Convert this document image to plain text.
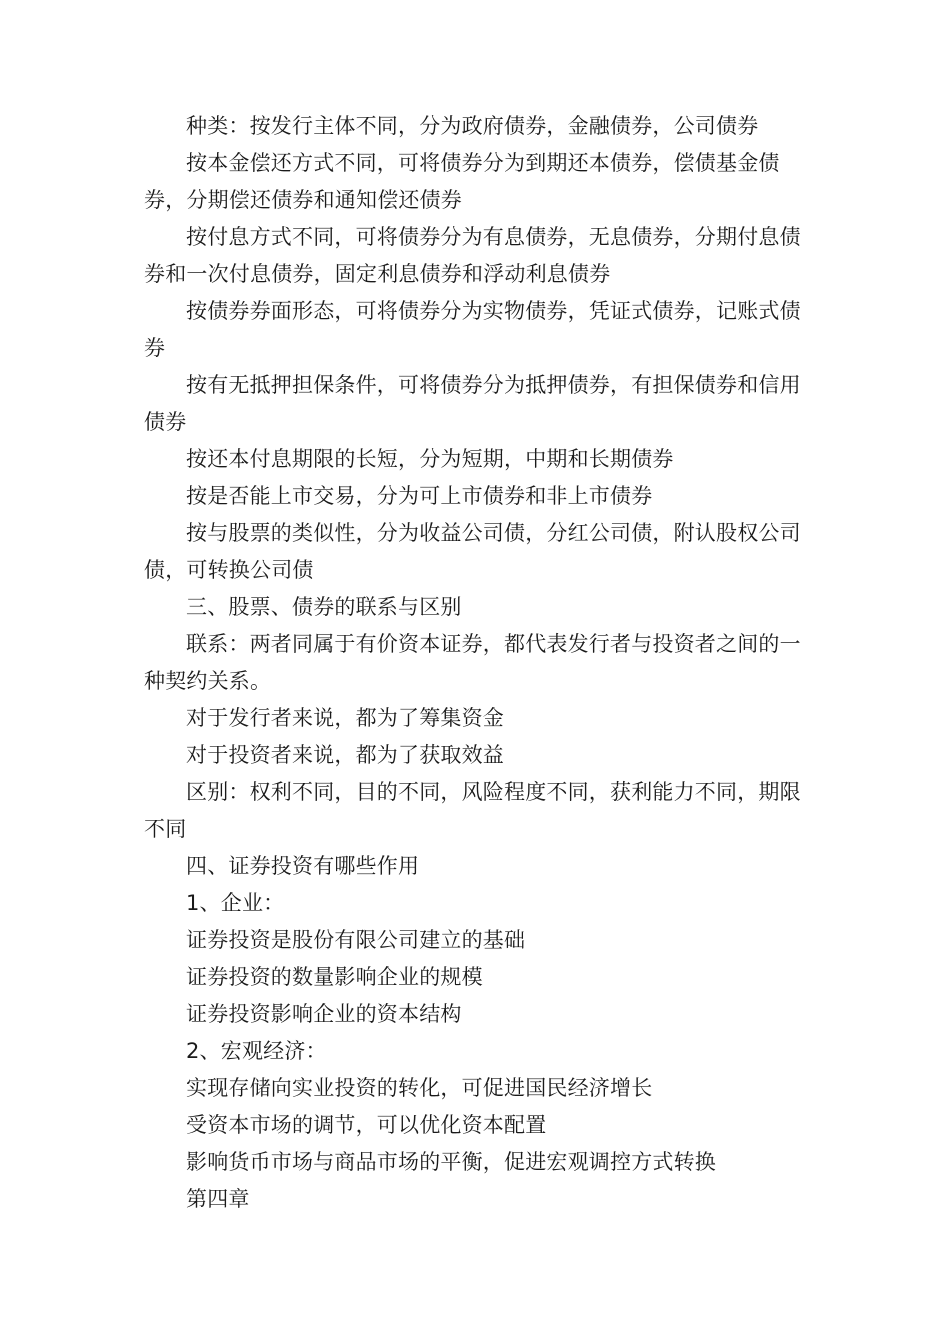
种类：按发行主体不同，分为政府债券，金融债券，公司债券

按本金偿还方式不同，可将债券分为到期还本债券，偿债基金债券，分期偿还债券和通知偿还债券

按付息方式不同，可将债券分为有息债券，无息债券，分期付息债券和一次付息债券，固定利息债券和浮动利息债券

按债券券面形态，可将债券分为实物债券，凭证式债券，记账式债券

按有无抵押担保条件，可将债券分为抵押债券，有担保债券和信用债券

按还本付息期限的长短，分为短期，中期和长期债券

按是否能上市交易，分为可上市债券和非上市债券

按与股票的类似性，分为收益公司债，分红公司债，附认股权公司债，可转换公司债

三、股票、债券的联系与区别

联系：两者同属于有价资本证券，都代表发行者与投资者之间的一种契约关系。

对于发行者来说，都为了筹集资金

对于投资者来说，都为了获取效益

区别：权利不同，目的不同，风险程度不同，获利能力不同，期限不同

四、证券投资有哪些作用

1、企业：

证券投资是股份有限公司建立的基础

证券投资的数量影响企业的规模

证券投资影响企业的资本结构

2、宏观经济：

实现存储向实业投资的转化，可促进国民经济增长

受资本市场的调节，可以优化资本配置

影响货币市场与商品市场的平衡，促进宏观调控方式转换

第四章
